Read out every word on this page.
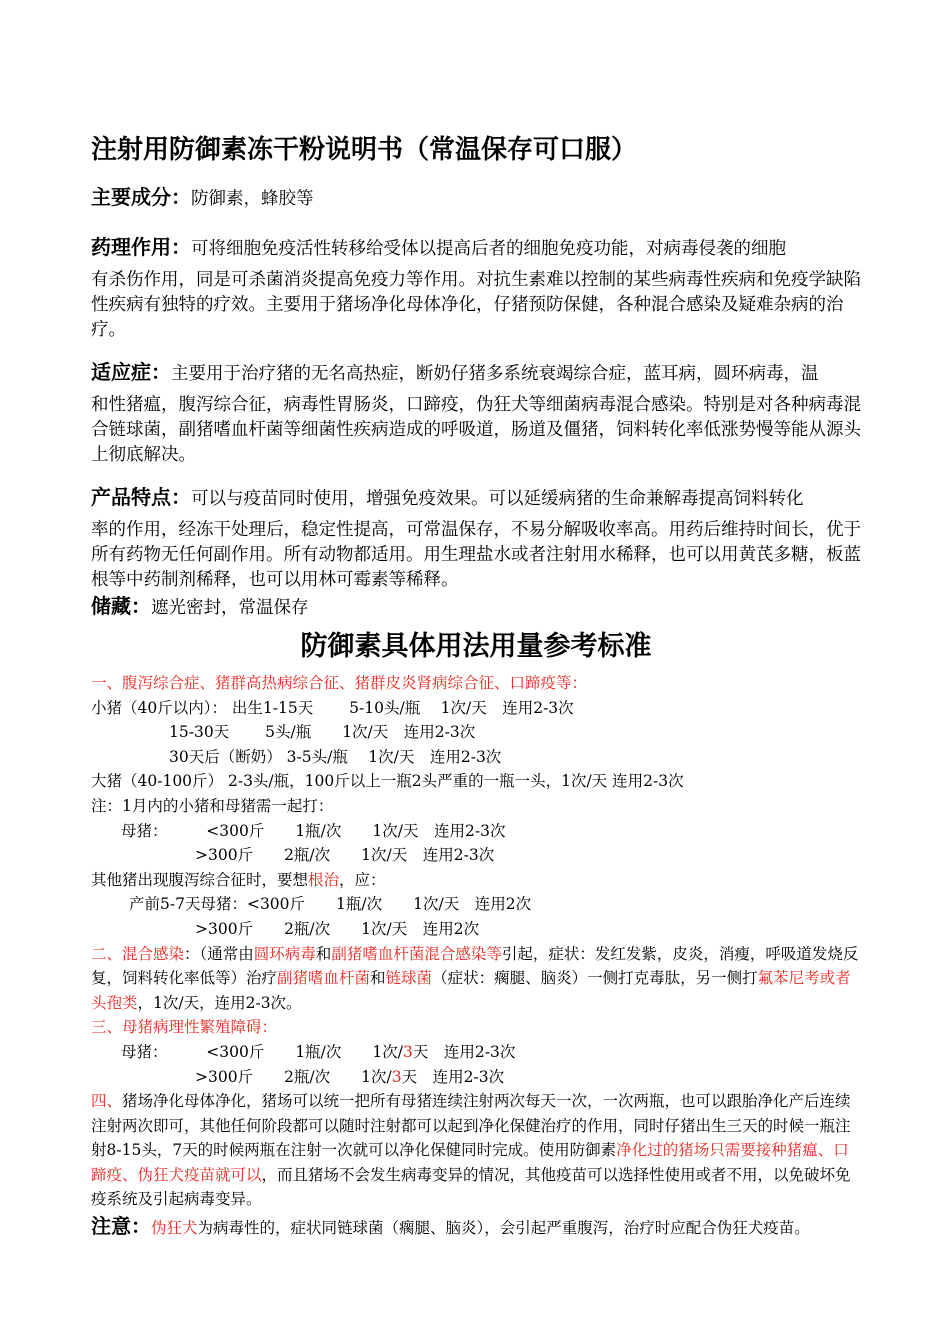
注射用防御素冻干粉说明书（常温保存可口服）

主要成分：防御素，蜂胶等

药理作用：可将细胞免疫活性转移给受体以提高后者的细胞免疫功能，对病毒侵袭的细胞
有杀伤作用，同是可杀菌消炎提高免疫力等作用。对抗生素难以控制的某些病毒性疾病和免疫学缺陷性疾病有独特的疗效。主要用于猪场净化母体净化，仔猪预防保健，各种混合感染及疑难杂病的治疗。

适应症：主要用于治疗猪的无名高热症，断奶仔猪多系统衰竭综合症，蓝耳病，圆环病毒，温
和性猪瘟，腹泻综合征，病毒性胃肠炎，口蹄疫，伪狂犬等细菌病毒混合感染。特别是对各种病毒混合链球菌，副猪嗜血杆菌等细菌性疾病造成的呼吸道，肠道及僵猪，饲料转化率低涨势慢等能从源头上彻底解决。

产品特点：可以与疫苗同时使用，增强免疫效果。可以延缓病猪的生命兼解毒提高饲料转化
率的作用，经冻干处理后，稳定性提高，可常温保存，不易分解吸收率高。用药后维持时间长，优于所有药物无任何副作用。所有动物都适用。用生理盐水或者注射用水稀释，也可以用黄芪多糖，板蓝根等中药制剂稀释，也可以用林可霉素等稀释。

储藏：遮光密封，常温保存

防御素具体用法用量参考标准

一、腹泻综合症、猪群高热病综合征、猪群皮炎肾病综合征、口蹄疫等：

小猪（40斤以内）： 出生1-15天　　 5-10头/瓶　 1次/天　连用2-3次

15-30天　　 5头/瓶　　1次/天　连用2-3次

30天后（断奶） 3-5头/瓶　 1次/天　连用2-3次

大猪（40-100斤） 2-3头/瓶，100斤以上一瓶2头严重的一瓶一头，1次/天 连用2-3次

注：1月内的小猪和母猪需一起打：

母猪：　　　<300斤　　1瓶/次　　1次/天　连用2-3次

>300斤　　2瓶/次　　1次/天　连用2-3次

其他猪出现腹泻综合征时，要想根治，应：

产前5-7天母猪：<300斤　　1瓶/次　　1次/天　连用2次

>300斤　　2瓶/次　　1次/天　连用2次

二、混合感染：（通常由圆环病毒和副猪嗜血杆菌混合感染等引起，症状：发红发紫，皮炎，消瘦，呼吸道发烧反复，饲料转化率低等）治疗副猪嗜血杆菌和链球菌（症状：瘸腿、脑炎）一侧打克毒肽，另一侧打氟苯尼考或者头孢类，1次/天，连用2-3次。

三、母猪病理性繁殖障碍：

母猪：　　　<300斤　　1瓶/次　　1次/3天　连用2-3次

>300斤　　2瓶/次　　1次/3天　连用2-3次

四、猪场净化母体净化，猪场可以统一把所有母猪连续注射两次每天一次，一次两瓶，也可以跟胎净化产后连续注射两次即可，其他任何阶段都可以随时注射都可以起到净化保健治疗的作用，同时仔猪出生三天的时候一瓶注射8-15头，7天的时候两瓶在注射一次就可以净化保健同时完成。使用防御素净化过的猪场只需要接种猪瘟、口蹄疫、伪狂犬疫苗就可以，而且猪场不会发生病毒变异的情况，其他疫苗可以选择性使用或者不用，以免破坏免疫系统及引起病毒变异。

注意：伪狂犬为病毒性的，症状同链球菌（瘸腿、脑炎），会引起严重腹泻，治疗时应配合伪狂犬疫苗。
